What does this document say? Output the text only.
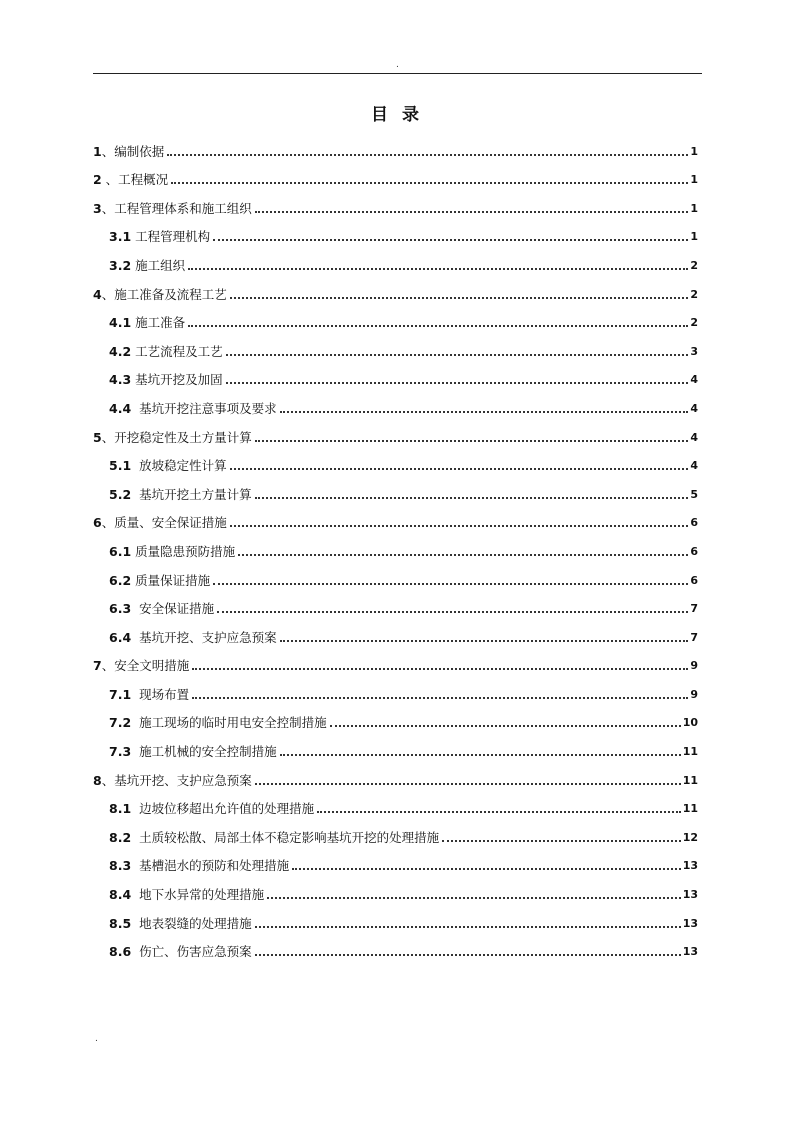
.
目 录
1 、编制依据	1
2 、工程概况	1
3 、工程管理体系和施工组织	1
3.1 工程管理机构	1
3.2 施工组织	2
4 、施工准备及流程工艺	2
4.1 施工准备	2
4.2 工艺流程及工艺	3
4.3 基坑开挖及加固	4
4.4 基坑开挖注意事项及要求	4
5 、开挖稳定性及土方量计算	4
5.1 放坡稳定性计算	4
5.2 基坑开挖土方量计算	5
6 、质量、安全保证措施	6
6.1 质量隐患预防措施	6
6.2 质量保证措施	6
6.3 安全保证措施	7
6.4 基坑开挖、支护应急预案	7
7 、安全文明措施	9
7.1 现场布置	9
7.2 施工现场的临时用电安全控制措施	10
7.3 施工机械的安全控制措施	11
8 、基坑开挖、支护应急预案	11
8.1 边坡位移超出允许值的处理措施	11
8.2 土质较松散、局部土体不稳定影响基坑开挖的处理措施	12
8.3 基槽浥水的预防和处理措施	13
8.4 地下水异常的处理措施	13
8.5 地表裂缝的处理措施	13
8.6 伤亡、伤害应急预案	13
.
